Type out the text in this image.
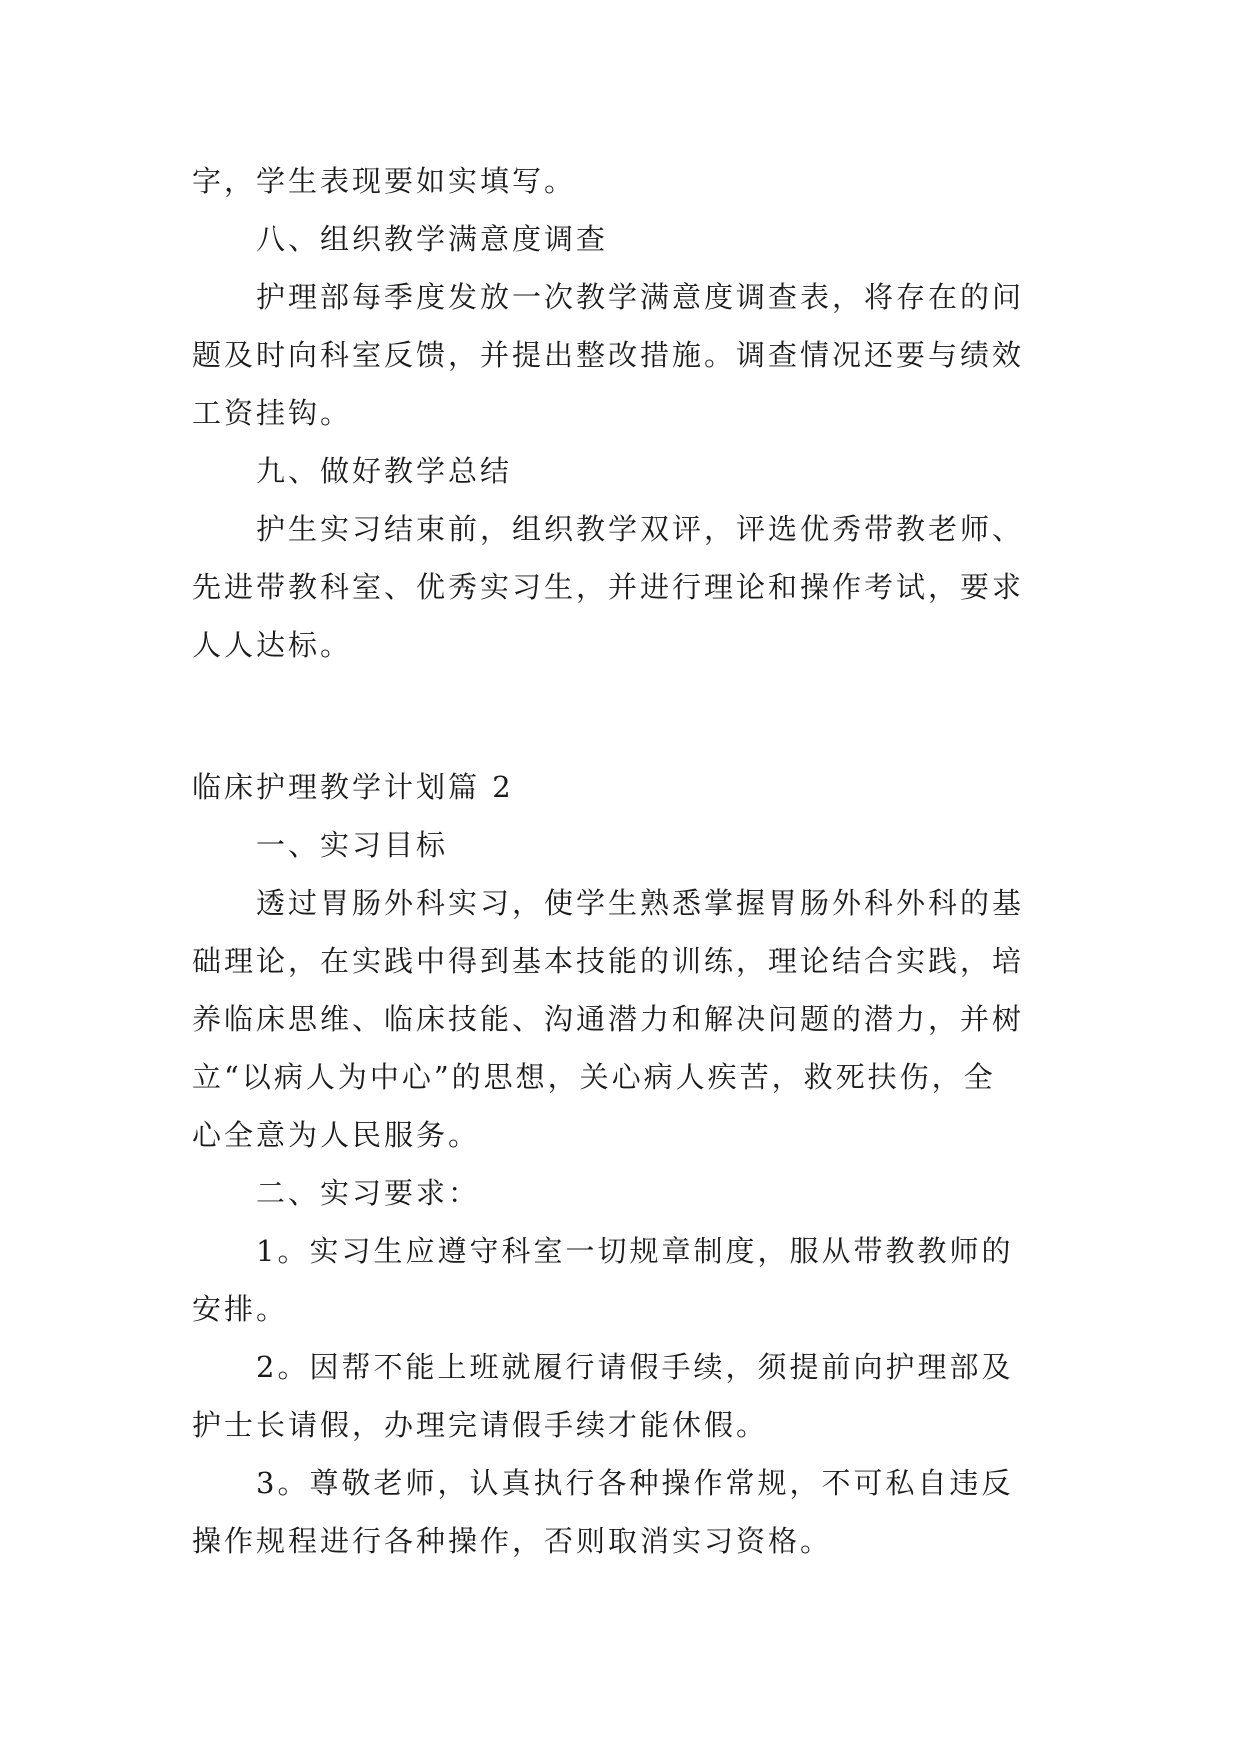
字，学生表现要如实填写。

八、组织教学满意度调查

护理部每季度发放一次教学满意度调查表，将存在的问

题及时向科室反馈，并提出整改措施。调查情况还要与绩效

工资挂钩。

九、做好教学总结

护生实习结束前，组织教学双评，评选优秀带教老师、

先进带教科室、优秀实习生，并进行理论和操作考试，要求

人人达标。

临床护理教学计划篇 2

一、实习目标

透过胃肠外科实习，使学生熟悉掌握胃肠外科外科的基

础理论，在实践中得到基本技能的训练，理论结合实践，培

养临床思维、临床技能、沟通潜力和解决问题的潜力，并树

立“以病人为中心”的思想，关心病人疾苦，救死扶伤，全

心全意为人民服务。

二、实习要求：

1。实习生应遵守科室一切规章制度，服从带教教师的

安排。

2。因帮不能上班就履行请假手续，须提前向护理部及

护士长请假，办理完请假手续才能休假。

3。尊敬老师，认真执行各种操作常规，不可私自违反

操作规程进行各种操作，否则取消实习资格。
